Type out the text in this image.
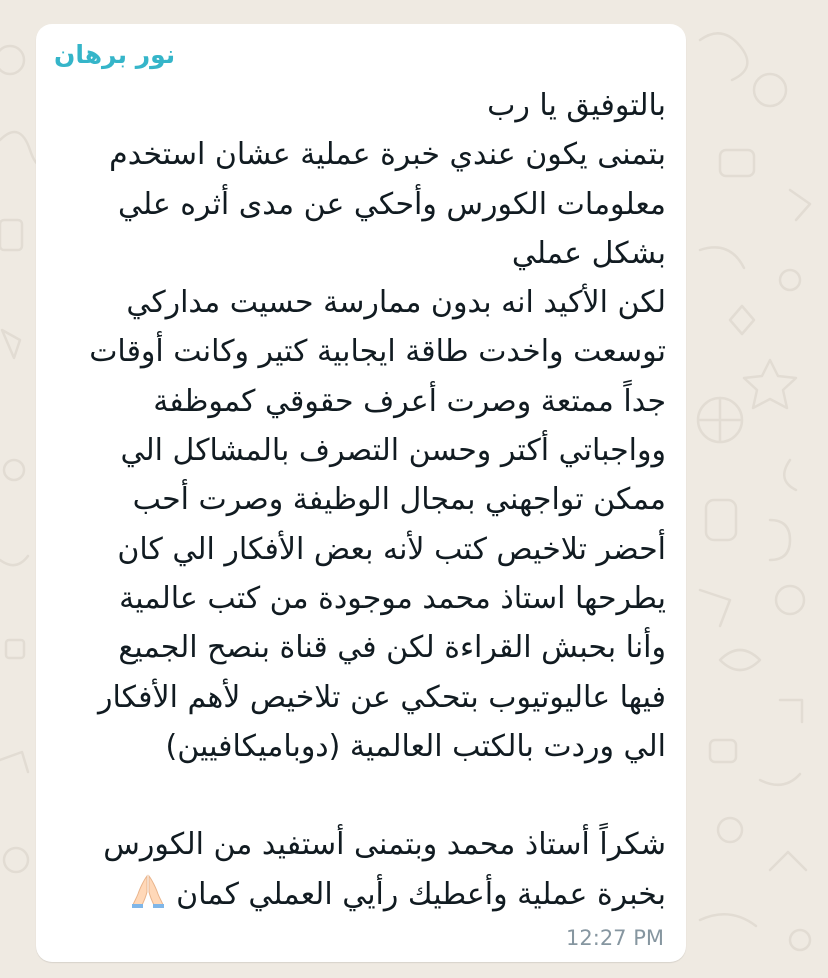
نور برهان
بالتوفيق يا رب
بتمنى يكون عندي خبرة عملية عشان استخدم
معلومات الكورس وأحكي عن مدى أثره علي
بشكل عملي
لكن الأكيد انه بدون ممارسة حسيت مداركي
توسعت واخدت طاقة ايجابية كتير وكانت أوقات
جداً ممتعة وصرت أعرف حقوقي كموظفة
وواجباتي أكتر وحسن التصرف بالمشاكل الي
ممكن تواجهني بمجال الوظيفة وصرت أحب
أحضر تلاخيص كتب لأنه بعض الأفكار الي كان
يطرحها استاذ محمد موجودة من كتب عالمية
وأنا بحبش القراءة لكن في قناة بنصح الجميع
فيها عاليوتيوب بتحكي عن تلاخيص لأهم الأفكار
الي وردت بالكتب العالمية (دوباميكافيين)
شكراً أستاذ محمد وبتمنى أستفيد من الكورس
بخبرة عملية وأعطيك رأيي العملي كمان
12:27 PM
